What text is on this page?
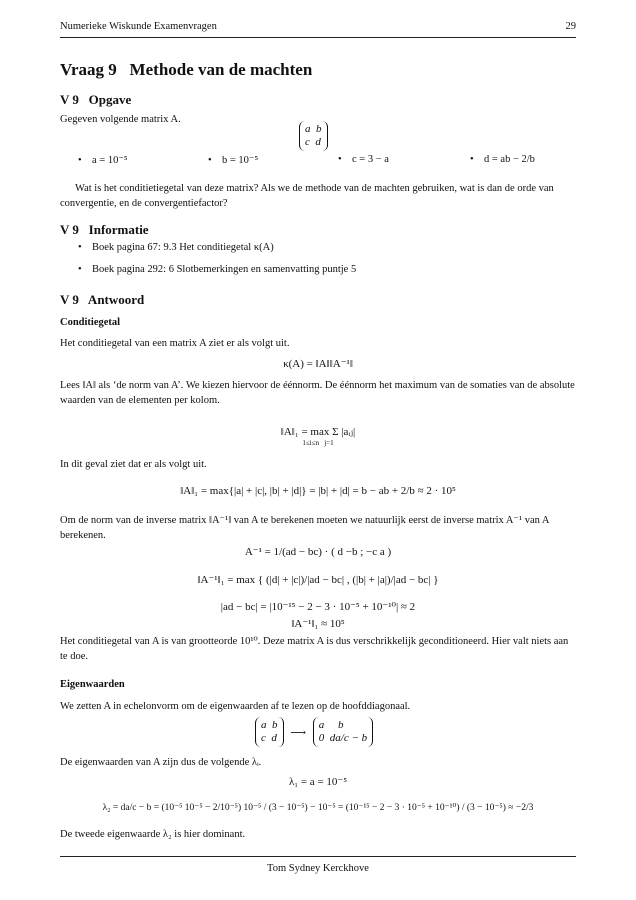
Numerieke Wiskunde Examenvragen	29
Vraag 9   Methode van de machten
V 9   Opgave
Gegeven volgende matrix A.
a  b
c  d
• a = 10⁻⁵	• b = 10⁻⁵	• c = 3 − a	• d = ab − 2/b
Wat is het conditietiegetal van deze matrix? Als we de methode van de machten gebruiken, wat is dan de orde van convergentie, en de convergentiefactor?
V 9   Informatie
• Boek pagina 67: 9.3 Het conditiegetal κ(A)
• Boek pagina 292: 6 Slotbemerkingen en samenvatting puntje 5
V 9   Antwoord
Conditiegetal
Het conditiegetal van een matrix A ziet er als volgt uit.
κ(A) = ‖A‖‖A⁻¹‖
Lees ‖A‖ als ‘de norm van A’. We kiezen hiervoor de éénnorm. De éénnorm het maximum van de somaties van de absolute waarden van de elementen per kolom.
‖A‖₁ = max Σ |aᵢⱼ|
1≤i≤n   j=1
In dit geval ziet dat er als volgt uit.
‖A‖₁ = max{|a| + |c|, |b| + |d|} = |b| + |d| = b − ab + 2/b ≈ 2 · 10⁵
Om de norm van de inverse matrix ‖A⁻¹‖ van A te berekenen moeten we natuurlijk eerst de inverse matrix A⁻¹ van A berekenen.
A⁻¹ = 1/(ad − bc) · ( d −b ; −c a )
‖A⁻¹‖₁ = max { (|d| + |c|)/|ad − bc| , (|b| + |a|)/|ad − bc| }
|ad − bc| = |10⁻¹⁵ − 2 − 3 · 10⁻⁵ + 10⁻¹⁰| ≈ 2
‖A⁻¹‖₁ ≈ 10⁵
Het conditiegetal van A is van grootteorde 10¹⁰. Deze matrix A is dus verschrikkelijk geconditioneerd. Hier valt niets aan te doe.
Eigenwaarden
We zetten A in echelonvorm om de eigenwaarden af te lezen op de hoofddiagonaal.
a  b
c  d ⟶
a     b
0  da/c − b
De eigenwaarden van A zijn dus de volgende λᵢ.
λ₁ = a = 10⁻⁵
λ₂ = da/c − b = (10⁻⁵ 10⁻⁵ − 2/10⁻⁵) 10⁻⁵ / (3 − 10⁻⁵) − 10⁻⁵ = (10⁻¹⁵ − 2 − 3 · 10⁻⁵ + 10⁻¹⁰) / (3 − 10⁻⁵) ≈ −2/3
De tweede eigenwaarde λ₂ is hier dominant.
Tom Sydney Kerckhove
